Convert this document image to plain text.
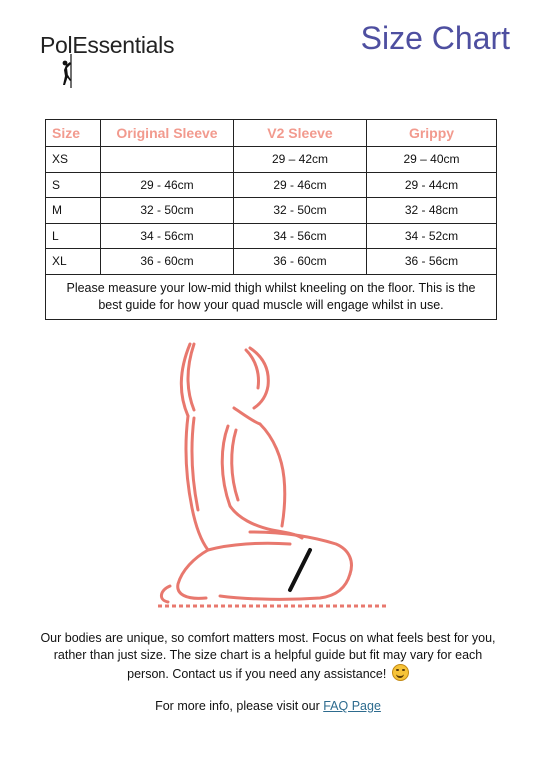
PolEssentials	Size Chart
Size	Original Sleeve	V2 Sleeve	Grippy
XS		29 – 42cm	29 – 40cm
S	29 - 46cm	29 - 46cm	29 - 44cm
M	32 - 50cm	32 - 50cm	32 - 48cm
L	34 - 56cm	34 - 56cm	34 - 52cm
XL	36 - 60cm	36 - 60cm	36 - 56cm
Please measure your low-mid thigh whilst kneeling on the floor. This is the best guide for how your quad muscle will engage whilst in use.			
Our bodies are unique, so comfort matters most. Focus on what feels best for you, rather than just size. The size chart is a helpful guide but fit may vary for each person. Contact us if you need any assistance!
For more info, please visit our FAQ Page
